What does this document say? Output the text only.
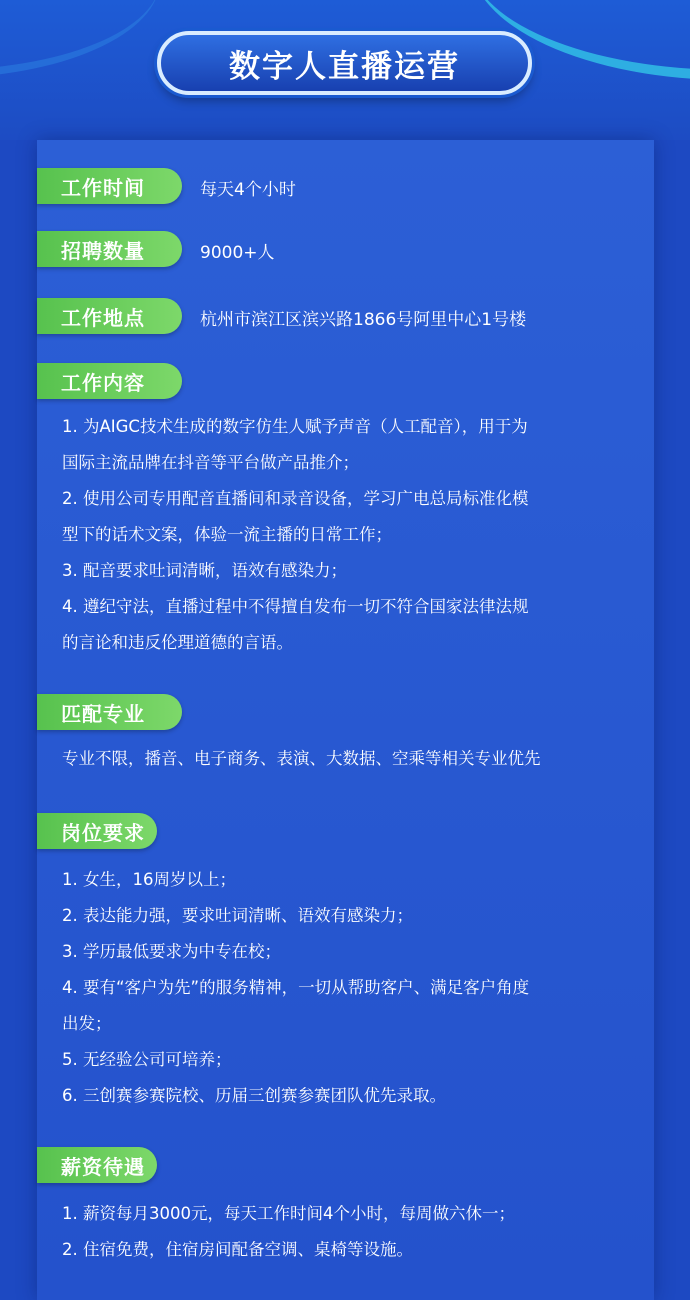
数字人直播运营
工作时间	每天4个小时
招聘数量	9000+人
工作地点	杭州市滨江区滨兴路1866号阿里中心1号楼
工作内容
1. 为AIGC技术生成的数字仿生人赋予声音（人工配音），用于为
国际主流品牌在抖音等平台做产品推介；
2. 使用公司专用配音直播间和录音设备，学习广电总局标准化模
型下的话术文案，体验一流主播的日常工作；
3. 配音要求吐词清晰，语效有感染力；
4. 遵纪守法，直播过程中不得擅自发布一切不符合国家法律法规
的言论和违反伦理道德的言语。
匹配专业
专业不限，播音、电子商务、表演、大数据、空乘等相关专业优先
岗位要求
1. 女生，16周岁以上；
2. 表达能力强，要求吐词清晰、语效有感染力；
3. 学历最低要求为中专在校；
4. 要有“客户为先”的服务精神，一切从帮助客户、满足客户角度
出发；
5. 无经验公司可培养；
6. 三创赛参赛院校、历届三创赛参赛团队优先录取。
薪资待遇
1. 薪资每月3000元，每天工作时间4个小时，每周做六休一；
2. 住宿免费，住宿房间配备空调、桌椅等设施。
